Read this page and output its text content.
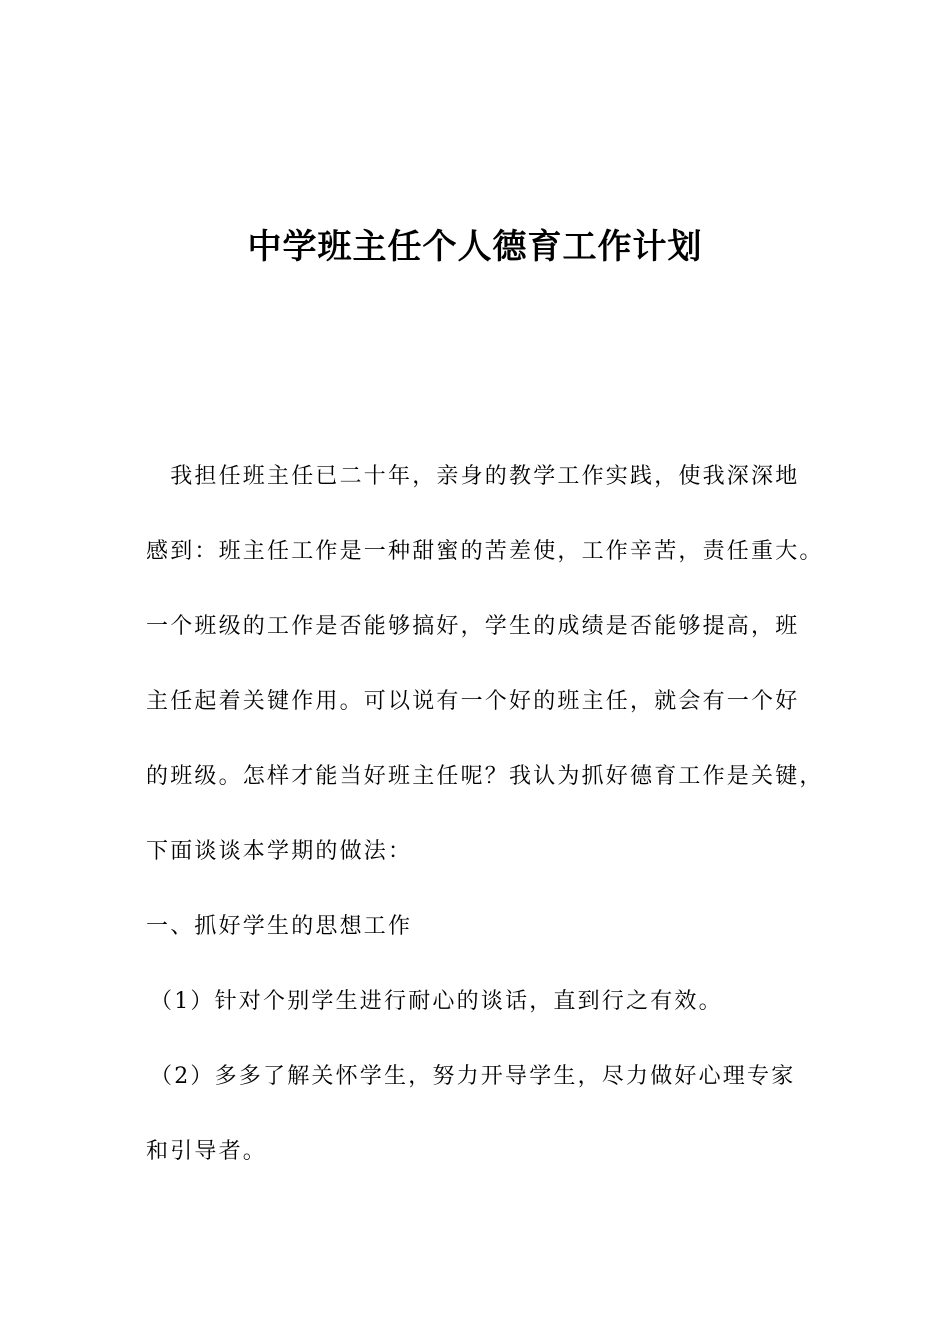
中学班主任个人德育工作计划
　我担任班主任已二十年，亲身的教学工作实践，使我深深地
感到：班主任工作是一种甜蜜的苦差使，工作辛苦，责任重大。
一个班级的工作是否能够搞好，学生的成绩是否能够提高，班
主任起着关键作用。可以说有一个好的班主任，就会有一个好
的班级。怎样才能当好班主任呢？我认为抓好德育工作是关键，
下面谈谈本学期的做法：
一、抓好学生的思想工作
（1）针对个别学生进行耐心的谈话，直到行之有效。
（2）多多了解关怀学生，努力开导学生，尽力做好心理专家
和引导者。
